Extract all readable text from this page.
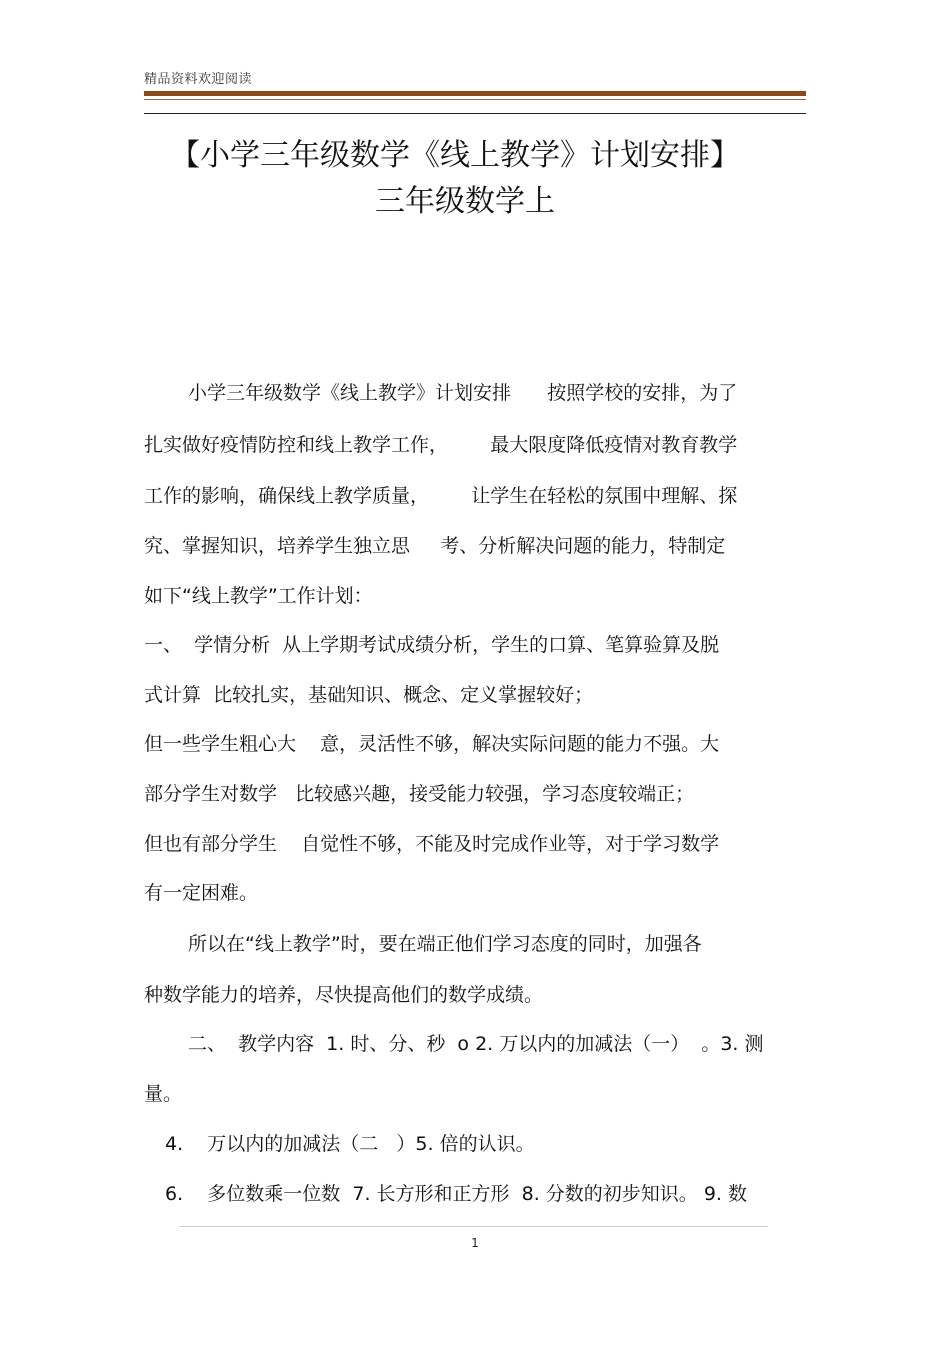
精品资料欢迎阅读
【小学三年级数学《线上教学》计划安排】
三年级数学上
小学三年级数学《线上教学》计划安排      按照学校的安排，为了
扎实做好疫情防控和线上教学工作，       最大限度降低疫情对教育教学
工作的影响，确保线上教学质量，       让学生在轻松的氛围中理解、探
究、掌握知识，培养学生独立思     考、分析解决问题的能力，特制定
如下“线上教学”工作计划：
一、  学情分析  从上学期考试成绩分析，学生的口算、笔算验算及脱
式计算  比较扎实，基础知识、概念、定义掌握较好；
但一些学生粗心大    意，灵活性不够，解决实际问题的能力不强。大
部分学生对数学   比较感兴趣，接受能力较强，学习态度较端正；
但也有部分学生    自觉性不够，不能及时完成作业等，对于学习数学
有一定困难。
所以在“线上教学”时，要在端正他们学习态度的同时，加强各
种数学能力的培养，尽快提高他们的数学成绩。
二、  教学内容  1. 时、分、秒  o 2. 万以内的加减法（一）  。3. 测
量。
4.    万以内的加减法（二   ）5. 倍的认识。
6.    多位数乘一位数  7. 长方形和正方形  8. 分数的初步知识。 9. 数
1
